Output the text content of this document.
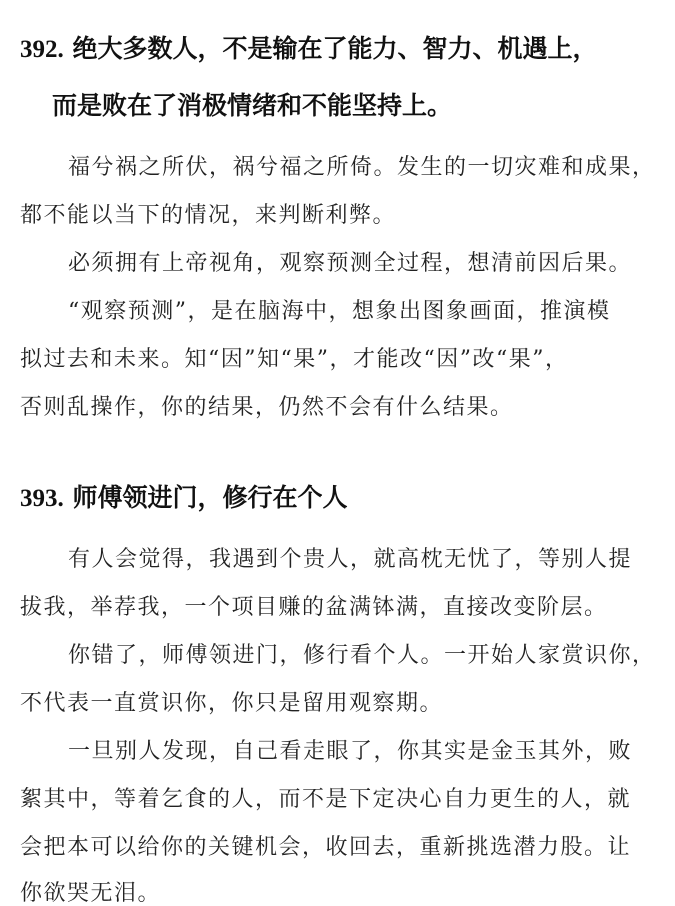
392. 绝大多数人，不是输在了能力、智力、机遇上，
而是败在了消极情绪和不能坚持上。
福兮祸之所伏，祸兮福之所倚。发生的一切灾难和成果，
都不能以当下的情况，来判断利弊。
必须拥有上帝视角，观察预测全过程，想清前因后果。
“观察预测”，是在脑海中，想象出图象画面，推演模
拟过去和未来。知“因”知“果”，才能改“因”改“果”，
否则乱操作，你的结果，仍然不会有什么结果。
393. 师傅领进门，修行在个人
有人会觉得，我遇到个贵人，就高枕无忧了，等别人提
拔我，举荐我，一个项目赚的盆满钵满，直接改变阶层。
你错了，师傅领进门，修行看个人。一开始人家赏识你，
不代表一直赏识你，你只是留用观察期。
一旦别人发现，自己看走眼了，你其实是金玉其外，败
絮其中，等着乞食的人，而不是下定决心自力更生的人，就
会把本可以给你的关键机会，收回去，重新挑选潜力股。让
你欲哭无泪。
